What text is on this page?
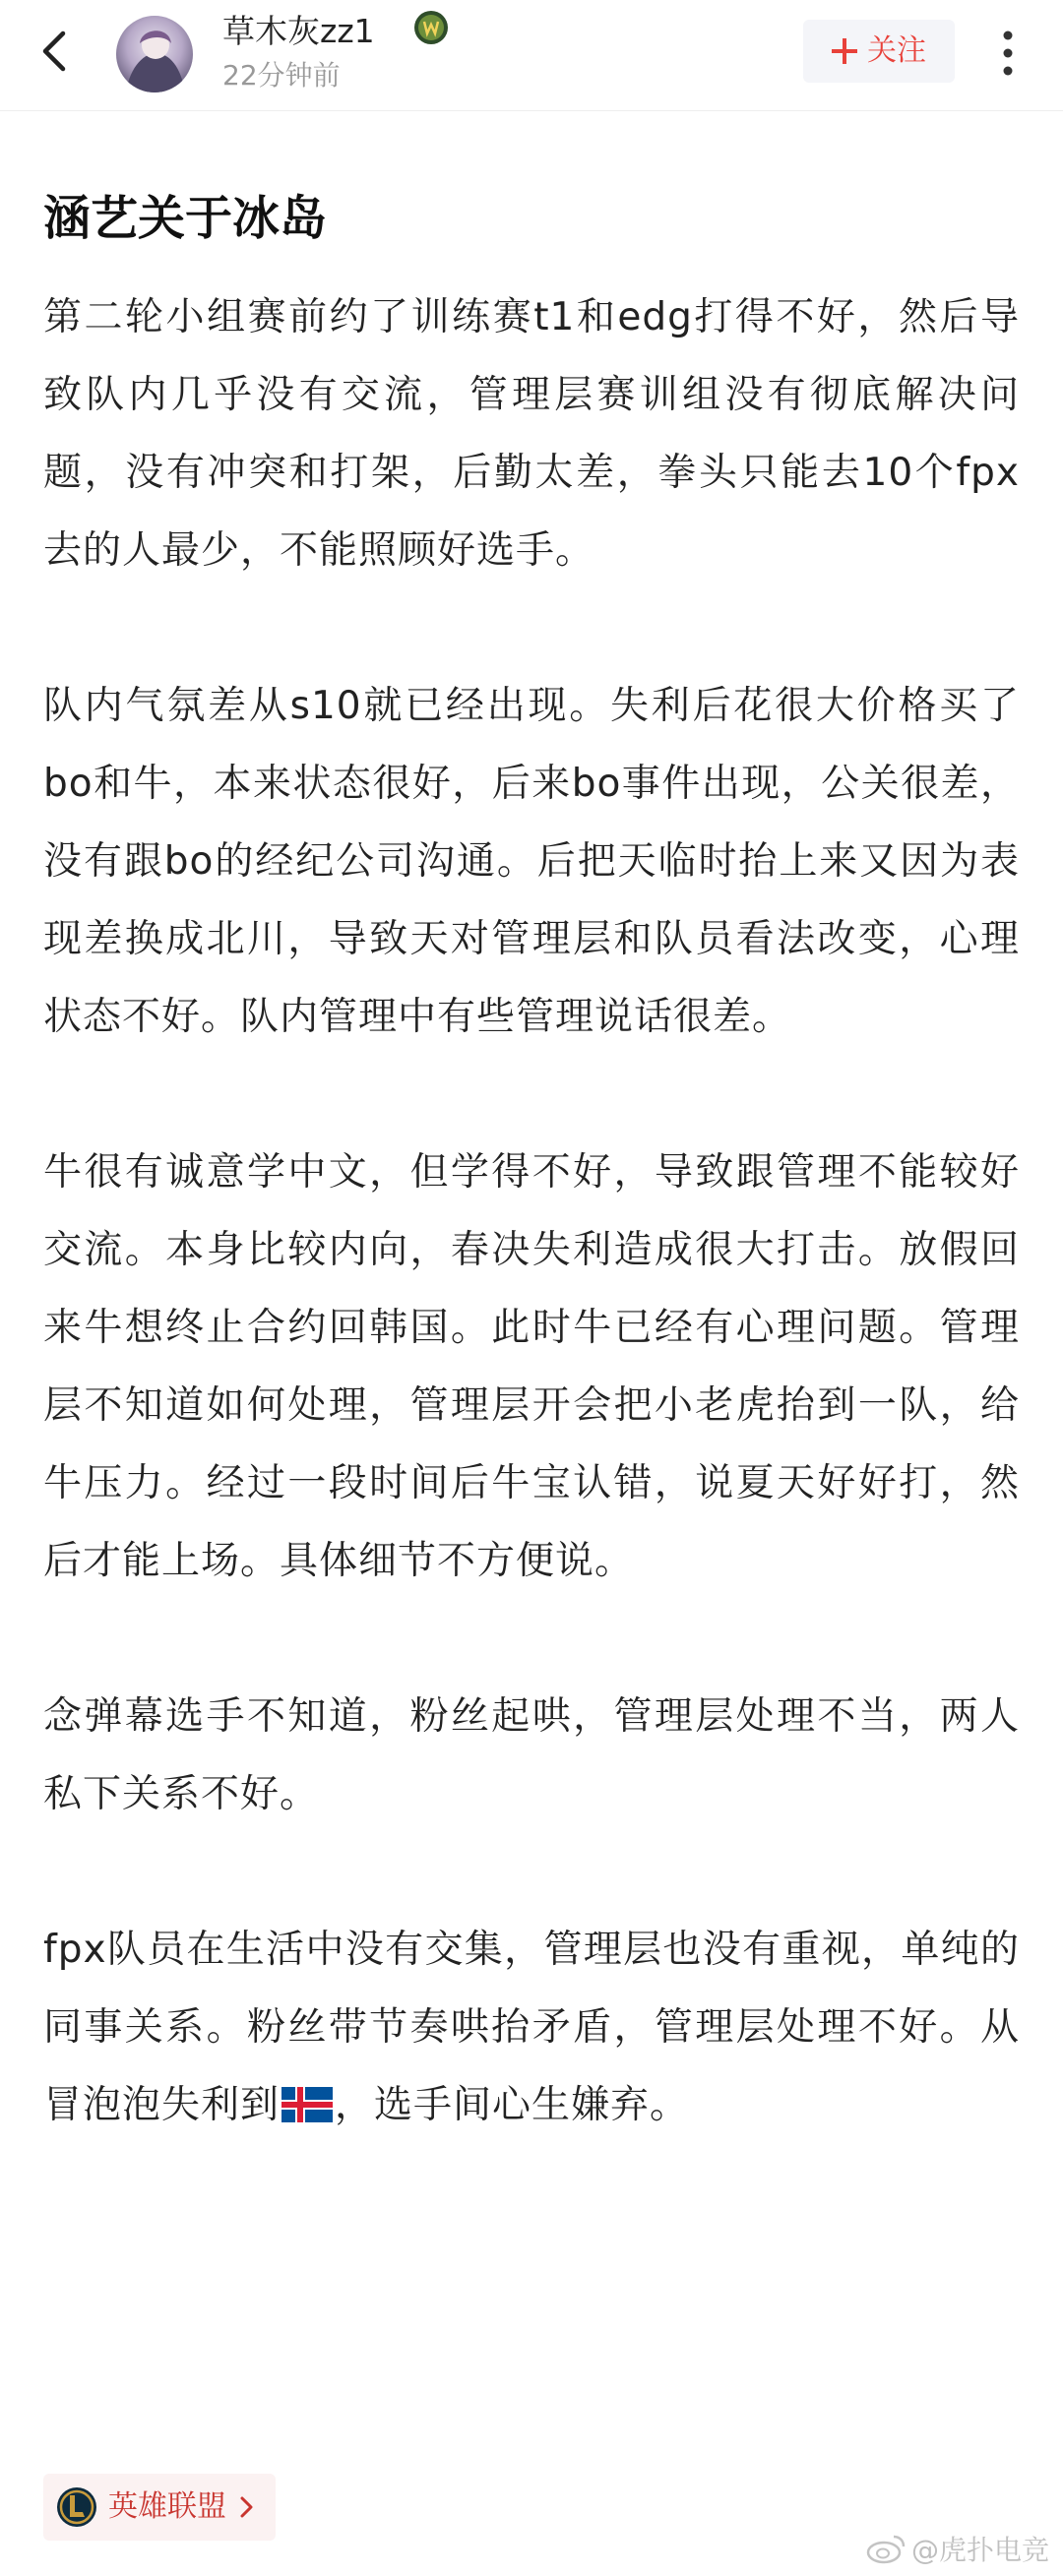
草木灰zz1
22分钟前
关注
涵艺关于冰岛

第二轮小组赛前约了训练赛t1和edg打得不好，然后导致队内几乎没有交流，管理层赛训组没有彻底解决问题，没有冲突和打架，后勤太差，拳头只能去10个fpx去的人最少，不能照顾好选手。

队内气氛差从s10就已经出现。失利后花很大价格买了bo和牛，本来状态很好，后来bo事件出现，公关很差，没有跟bo的经纪公司沟通。后把天临时抬上来又因为表现差换成北川，导致天对管理层和队员看法改变，心理状态不好。队内管理中有些管理说话很差。

牛很有诚意学中文，但学得不好，导致跟管理不能较好交流。本身比较内向，春决失利造成很大打击。放假回来牛想终止合约回韩国。此时牛已经有心理问题。管理层不知道如何处理，管理层开会把小老虎抬到一队，给牛压力。经过一段时间后牛宝认错，说夏天好好打，然后才能上场。具体细节不方便说。

念弹幕选手不知道，粉丝起哄，管理层处理不当，两人私下关系不好。

fpx队员在生活中没有交集，管理层也没有重视，单纯的同事关系。粉丝带节奏哄抬矛盾，管理层处理不好。从冒泡泡失利到 ，选手间心生嫌弃。

英雄联盟
@虎扑电竞
